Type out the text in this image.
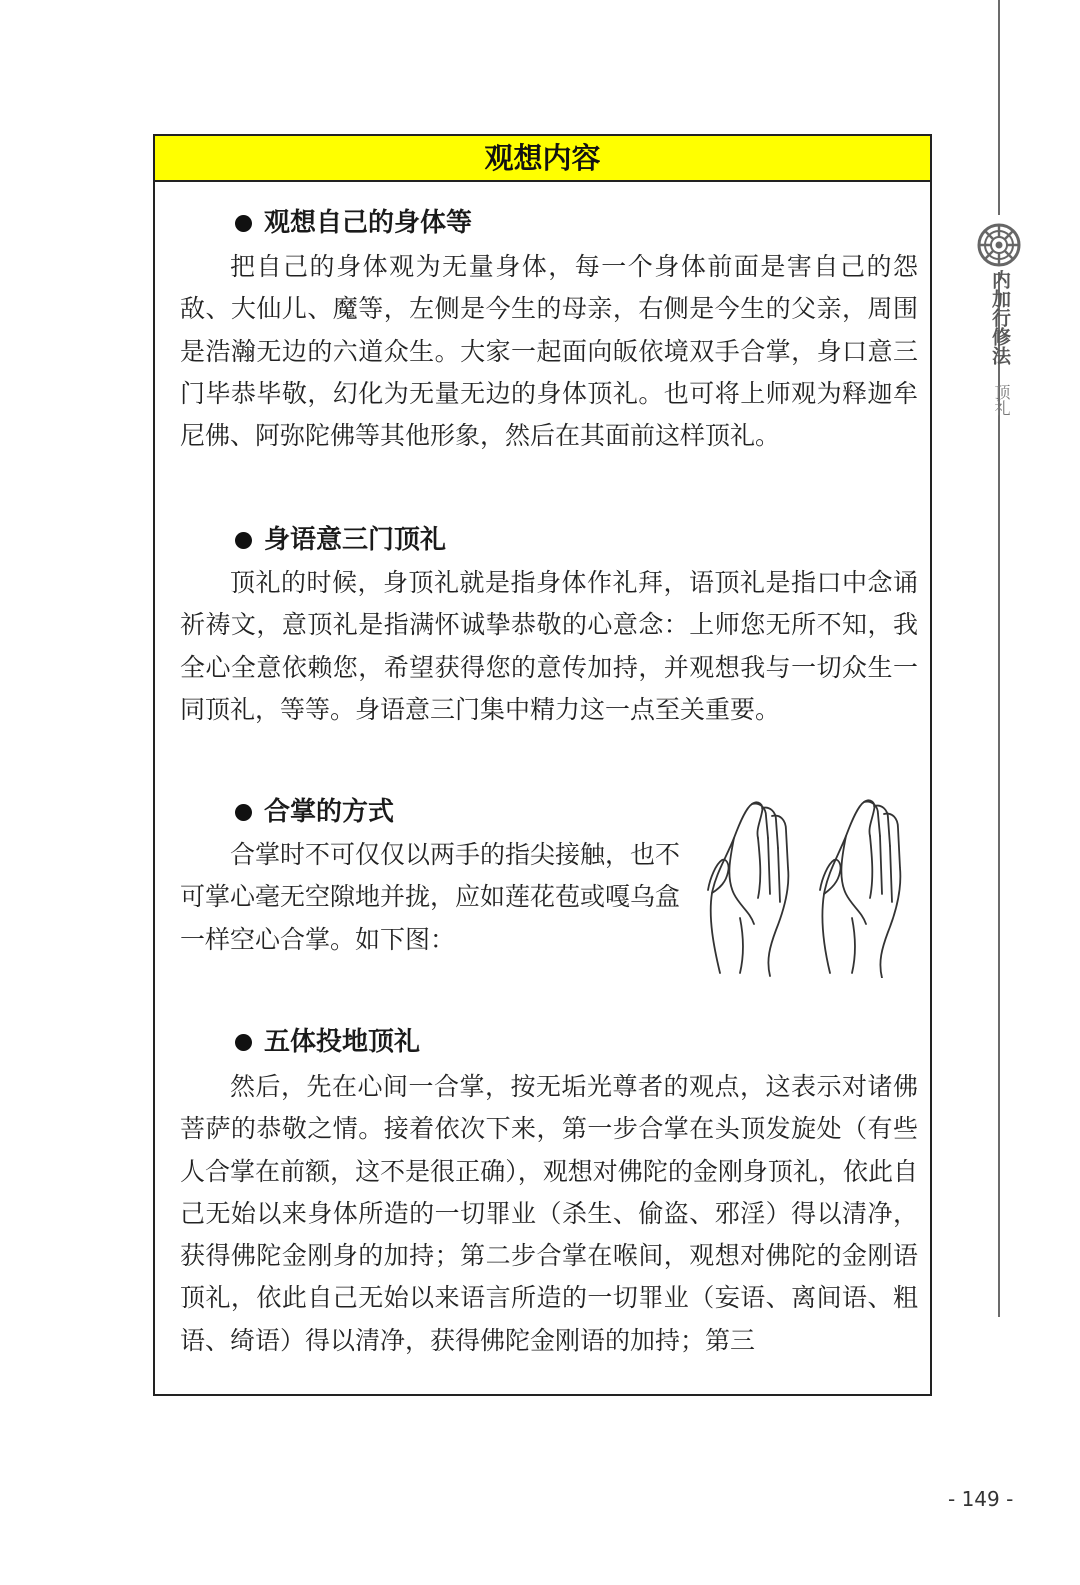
内加行修法
顶礼
观想内容
观想自己的身体等
把自己的身体观为无量身体，每一个身体前面是害自己的怨敌、大仙儿、魔等，左侧是今生的母亲，右侧是今生的父亲，周围是浩瀚无边的六道众生。大家一起面向皈依境双手合掌，身口意三门毕恭毕敬，幻化为无量无边的身体顶礼。也可将上师观为释迦牟尼佛、阿弥陀佛等其他形象，然后在其面前这样顶礼。
身语意三门顶礼
顶礼的时候，身顶礼就是指身体作礼拜，语顶礼是指口中念诵祈祷文，意顶礼是指满怀诚挚恭敬的心意念：上师您无所不知，我全心全意依赖您，希望获得您的意传加持，并观想我与一切众生一同顶礼，等等。身语意三门集中精力这一点至关重要。
合掌的方式
合掌时不可仅仅以两手的指尖接触，也不可掌心毫无空隙地并拢，应如莲花苞或嘎乌盒一样空心合掌。如下图：
五体投地顶礼
然后，先在心间一合掌，按无垢光尊者的观点，这表示对诸佛菩萨的恭敬之情。接着依次下来，第一步合掌在头顶发旋处（有些人合掌在前额，这不是很正确），观想对佛陀的金刚身顶礼，依此自己无始以来身体所造的一切罪业（杀生、偷盗、邪淫）得以清净，获得佛陀金刚身的加持；第二步合掌在喉间，观想对佛陀的金刚语顶礼，依此自己无始以来语言所造的一切罪业（妄语、离间语、粗语、绮语）得以清净，获得佛陀金刚语的加持；第三
- 149 -
